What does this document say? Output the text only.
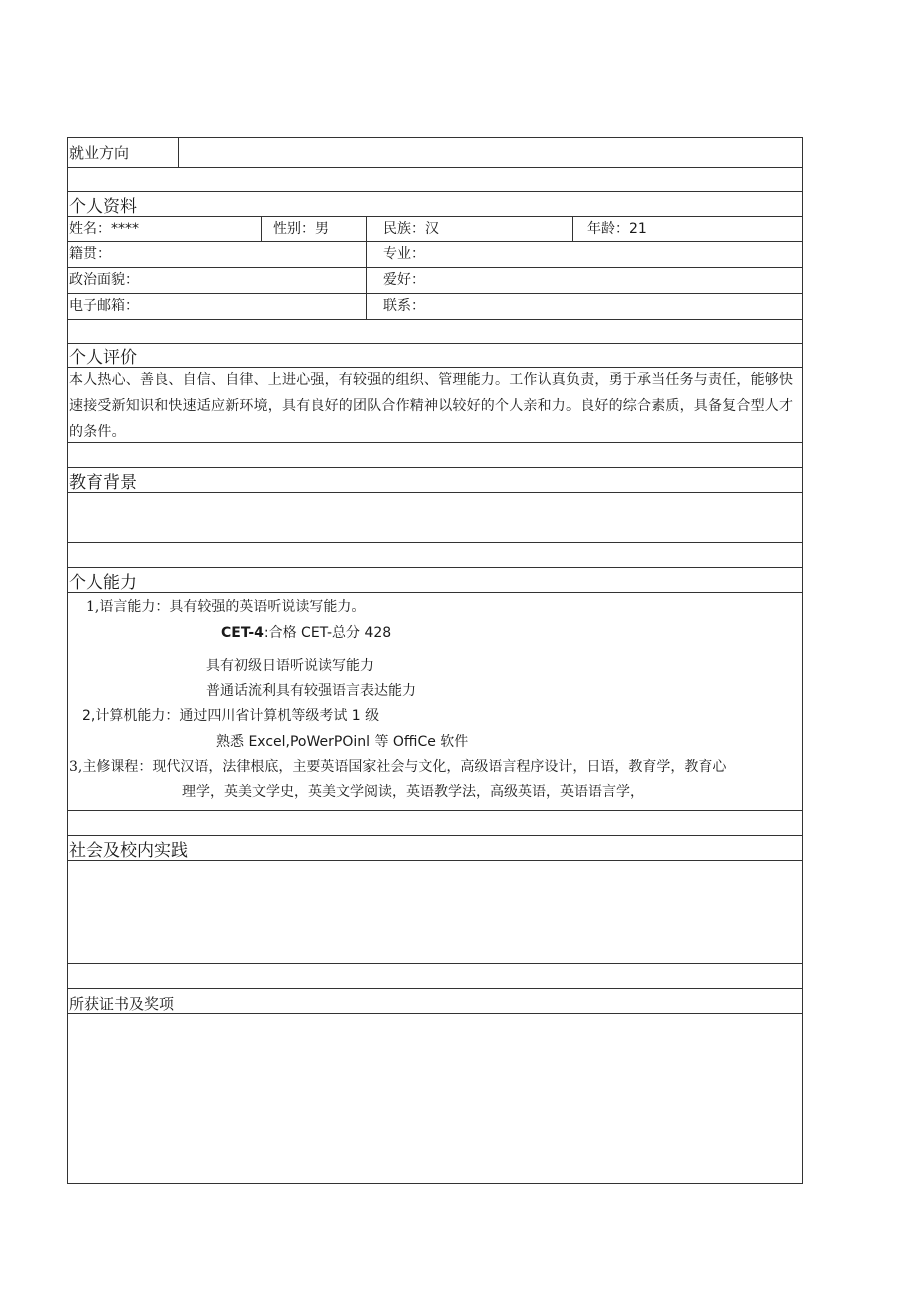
就业方向
个人资料
姓名：****	性别：男	民族：汉	年龄：21
籍贯：	专业：
政治面貌：	爱好：
电子邮箱：	联系：
个人评价
本人热心、善良、自信、自律、上进心强，有较强的组织、管理能力。工作认真负责，勇于承当任务与责任，能够快速接受新知识和快速适应新环境，具有良好的团队合作精神以较好的个人亲和力。良好的综合素质，具备复合型人才的条件。
教育背景
个人能力
1,语言能力：具有较强的英语听说读写能力。
CET-4:合格 CET-总分 428
具有初级日语听说读写能力
普通话流利具有较强语言表达能力
2,计算机能力：通过四川省计算机等级考试 1 级
熟悉 Excel,PoWerPOinl 等 OffiCe 软件
3,主修课程：现代汉语，法律根底，主要英语国家社会与文化，高级语言程序设计，日语，教育学，教育心
理学，英美文学史，英美文学阅读，英语教学法，高级英语，英语语言学，
社会及校内实践
所获证书及奖项
